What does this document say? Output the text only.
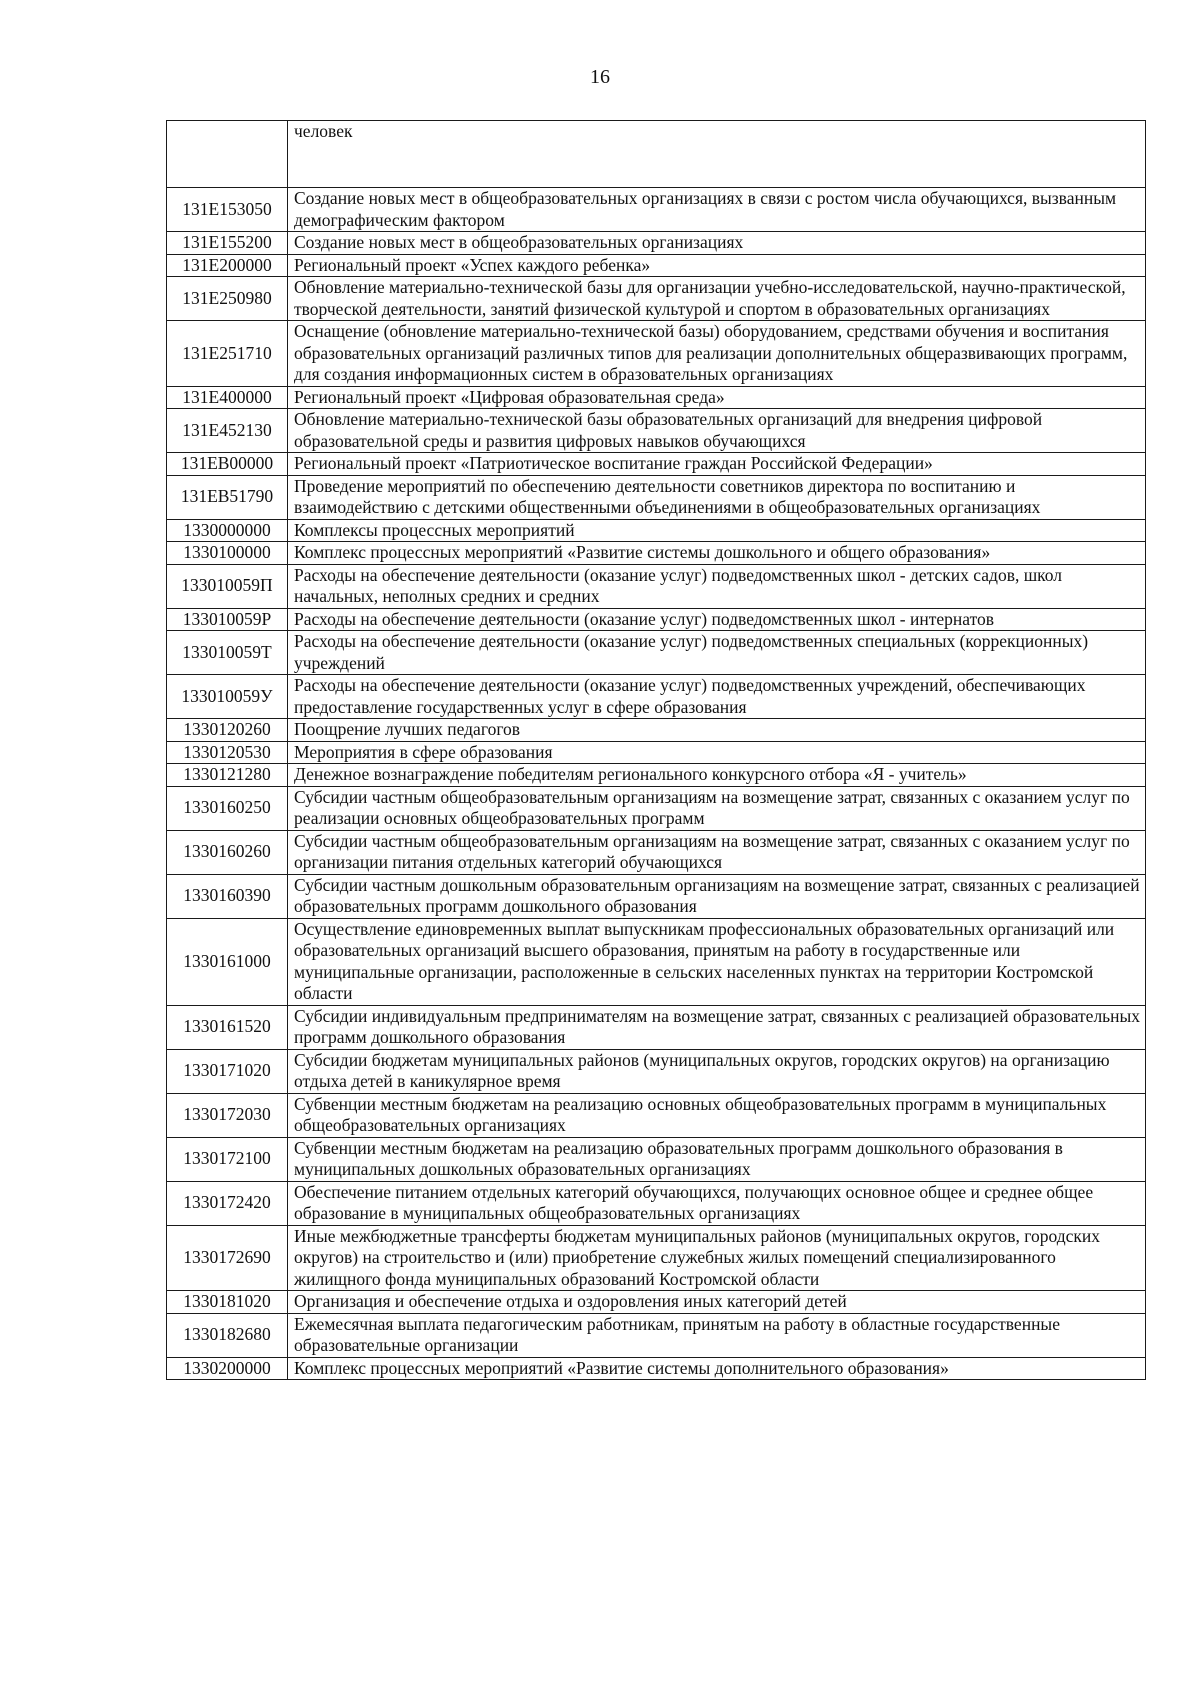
16
	человек
131E153050	Создание новых мест в общеобразовательных организациях в связи с ростом числа обучающихся, вызванным демографическим фактором
131E155200	Создание новых мест в общеобразовательных организациях
131E200000	Региональный проект «Успех каждого ребенка»
131E250980	Обновление материально-технической базы для организации учебно-исследовательской, научно-практической, творческой деятельности, занятий физической культурой и спортом в образовательных организациях
131E251710	Оснащение (обновление материально-технической базы) оборудованием, средствами обучения и воспитания образовательных организаций различных типов для реализации дополнительных общеразвивающих программ, для создания информационных систем в образовательных организациях
131E400000	Региональный проект «Цифровая образовательная среда»
131E452130	Обновление материально-технической базы образовательных организаций для внедрения цифровой образовательной среды и развития цифровых навыков обучающихся
131EB00000	Региональный проект «Патриотическое воспитание граждан Российской Федерации»
131EB51790	Проведение мероприятий по обеспечению деятельности советников директора по воспитанию и взаимодействию с детскими общественными объединениями в общеобразовательных организациях
1330000000	Комплексы процессных мероприятий
1330100000	Комплекс процессных мероприятий «Развитие системы дошкольного и общего образования»
133010059П	Расходы на обеспечение деятельности (оказание услуг) подведомственных школ - детских садов, школ начальных, неполных средних и средних
133010059Р	Расходы на обеспечение деятельности (оказание услуг) подведомственных школ - интернатов
133010059Т	Расходы на обеспечение деятельности (оказание услуг) подведомственных специальных (коррекционных) учреждений
133010059У	Расходы на обеспечение деятельности (оказание услуг) подведомственных учреждений, обеспечивающих предоставление государственных услуг в сфере образования
1330120260	Поощрение лучших педагогов
1330120530	Мероприятия в сфере образования
1330121280	Денежное вознаграждение победителям регионального конкурсного отбора «Я - учитель»
1330160250	Субсидии частным общеобразовательным организациям на возмещение затрат, связанных с оказанием услуг по реализации основных общеобразовательных программ
1330160260	Субсидии частным общеобразовательным организациям на возмещение затрат, связанных с оказанием услуг по организации питания отдельных категорий обучающихся
1330160390	Субсидии частным дошкольным образовательным организациям на возмещение затрат, связанных с реализацией образовательных программ дошкольного образования
1330161000	Осуществление единовременных выплат выпускникам профессиональных образовательных организаций или образовательных организаций высшего образования, принятым на работу в государственные или муниципальные организации, расположенные в сельских населенных пунктах на территории Костромской области
1330161520	Субсидии индивидуальным предпринимателям на возмещение затрат, связанных с реализацией образовательных программ дошкольного образования
1330171020	Субсидии бюджетам муниципальных районов (муниципальных округов, городских округов) на организацию отдыха детей в каникулярное время
1330172030	Субвенции местным бюджетам на реализацию основных общеобразовательных программ в муниципальных общеобразовательных организациях
1330172100	Субвенции местным бюджетам на реализацию образовательных программ дошкольного образования в муниципальных дошкольных образовательных организациях
1330172420	Обеспечение питанием отдельных категорий обучающихся, получающих основное общее и среднее общее образование в муниципальных общеобразовательных организациях
1330172690	Иные межбюджетные трансферты бюджетам муниципальных районов (муниципальных округов, городских округов) на строительство и (или) приобретение служебных жилых помещений специализированного жилищного фонда муниципальных образований Костромской области
1330181020	Организация и обеспечение отдыха и оздоровления иных категорий детей
1330182680	Ежемесячная выплата педагогическим работникам, принятым на работу в областные государственные образовательные организации
1330200000	Комплекс процессных мероприятий «Развитие системы дополнительного образования»
